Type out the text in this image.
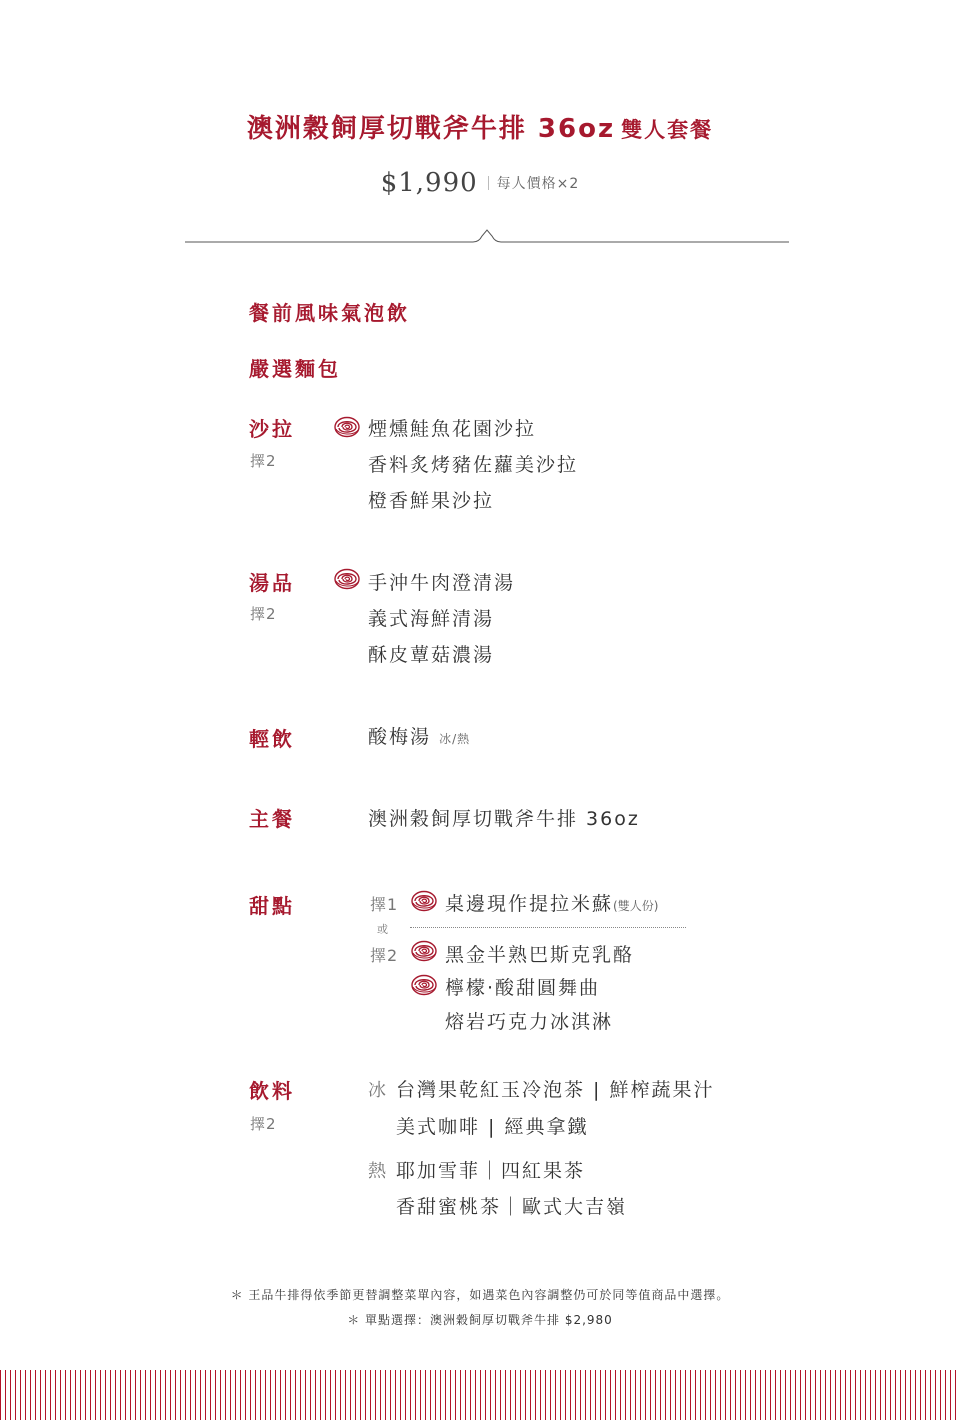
澳洲穀飼厚切戰斧牛排 36oz 雙人套餐
$1,990 每人價格×2
餐前風味氣泡飲
嚴選麵包
沙拉
擇2
煙燻鮭魚花園沙拉
香料炙烤豬佐蘿美沙拉
橙香鮮果沙拉
湯品
擇2
手沖牛肉澄清湯
義式海鮮清湯
酥皮蕈菇濃湯
輕飲	酸梅湯 冰/熱
主餐	澳洲穀飼厚切戰斧牛排 36oz
甜點	擇1 桌邊現作提拉米蘇(雙人份)
或
擇2 黑金半熟巴斯克乳酪
檸檬·酸甜圓舞曲
熔岩巧克力冰淇淋
飲料
擇2
冰 台灣果乾紅玉冷泡茶 | 鮮榨蔬果汁
美式咖啡 | 經典拿鐵
熱 耶加雪菲｜四紅果茶
香甜蜜桃茶｜歐式大吉嶺
＊ 王品牛排得依季節更替調整菜單內容，如遇菜色內容調整仍可於同等值商品中選擇。
＊ 單點選擇：澳洲穀飼厚切戰斧牛排 $2,980
